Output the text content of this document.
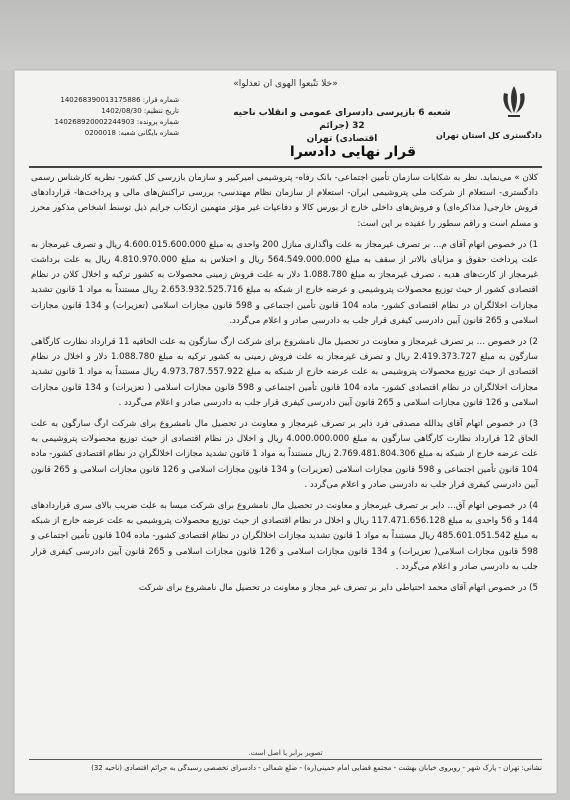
«خلا تتّبعوا الهوی ان تعدلوا»
دادگستری کل استان تهران
شعبه 6 بازپرسی دادسرای عمومی و انقلاب ناحیه 32 (جرائم
اقتصادی) تهران
قرار نهایی دادسرا
شماره قرار: 140268390013175886
تاریخ تنظیم: 1402/08/30
شماره پرونده: 140268920002244903
شماره بایگانی شعبه: 0200018

کلان » می‌نماید. نظر به شکایات سازمان تأمین اجتماعی- بانک رفاه- پتروشیمی امیرکبیر و سازمان بازرسی کل کشور- نظریه کارشناس رسمی دادگستری- استعلام از شرکت ملی پتروشیمی ایران- استعلام از سازمان نظام مهندسی- بررسی تراکنش‌های مالی و پرداخت‌ها- قراردادهای فروش خارجی( مذاکره‌ای) و فروش‌های داخلی خارج از بورس کالا و دفاعیات غیر مؤثر متهمین ارتکاب جرایم ذیل توسط اشخاص مذکور محرز و مسلم است و راقم سطور را عقیده بر این است:

1) در خصوص اتهام آقای م… بر تصرف غیرمجاز به علت واگذاری منازل 200 واحدی به مبلغ 4.600.015.600.000 ریال و تصرف غیرمجاز به علت پرداخت حقوق و مزایای بالاتر از سقف به مبلغ 564.549.000.000 ریال و اختلاس به مبلغ 4.810.970.000 ریال به علت برداشت غیرمجاز از کارت‌های هدیه ، تصرف غیرمجاز به مبلغ 1.088.780 دلار به علت فروش زمینی محصولات به کشور ترکیه و اخلال کلان در نظام اقتصادی کشور از حیث توزیع محصولات پتروشیمی و عرضه خارج از شبکه به مبلغ 2.653.932.525.716 ریال مستنداً به مواد 1 قانون تشدید مجازات اخلالگران در نظام اقتصادی کشور- ماده 104 قانون تأمین اجتماعی و 598 قانون مجازات اسلامی (تعزیرات) و 134 قانون مجازات اسلامی و 265 قانون آیین دادرسی کیفری قرار جلب به دادرسی صادر و اعلام می‌گردد.

2) در خصوص … بر تصرف غیرمجاز و معاونت در تحصیل مال نامشروع برای شرکت ارگ سارگون به علت الحاقیه 11 قرارداد نظارت کارگاهی سارگون به مبلغ 2.419.373.727 ریال و تصرف غیرمجاز به علت فروش زمینی به کشور ترکیه به مبلغ 1.088.780 دلار و اخلال در نظام اقتصادی از حیث توزیع محصولات پتروشیمی به علت عرضه خارج از شبکه به مبلغ 4.973.787.557.922 ریال مستنداً به مواد 1 قانون تشدید مجازات اخلالگران در نظام اقتصادی کشور- ماده 104 قانون تأمین اجتماعی و 598 قانون مجازات اسلامی ( تعزیرات) و 134 قانون مجازات اسلامی و 126 قانون مجازات اسلامی و 265 قانون آیین دادرسی کیفری قرار جلب به دادرسی صادر و اعلام می‌گردد .

3) در خصوص اتهام آقای یدالله مصدقی فرد دایر بر تصرف غیرمجاز و معاونت در تحصیل مال نامشروع برای شرکت ارگ سارگون به علت الحاق 12 قرارداد نظارت کارگاهی سارگون به مبلغ 4.000.000.000 ریال و اخلال در نظام اقتصادی از حیث توزیع محصولات پتروشیمی به علت عرضه خارج از شبکه به مبلغ 2.769.481.804.306 ریال مستنداً به مواد 1 قانون تشدید مجازات اخلالگران در نظام اقتصادی کشور- ماده 104 قانون تأمین اجتماعی و 598 قانون مجازات اسلامی (تعزیرات) و 134 قانون مجازات اسلامی و 126 قانون مجازات اسلامی و 265 قانون آیین دادرسی کیفری قرار جلب به دادرسی صادر و اعلام می‌گردد .

4) در خصوص اتهام آق… دایر بر تصرف غیرمجاز و معاونت در تحصیل مال نامشروع برای شرکت میسا به علت ضریب بالای سری قراردادهای 144 و 56 واحدی به مبلغ 117.471.656.128 ریال و اخلال در نظام اقتصادی از حیث توزیع محصولات پتروشیمی به علت عرضه خارج از شبکه به مبلغ 485.601.051.542 ریال مستنداً به مواد 1 قانون تشدید مجازات اخلالگران در نظام اقتصادی کشور- ماده 104 قانون تأمین اجتماعی و 598 قانون مجازات اسلامی( تعزیرات) و 134 قانون مجازات اسلامی و 126 قانون مجازات اسلامی و 265 قانون آیین دادرسی کیفری قرار جلب به دادرسی صادر و اعلام می‌گردد .

5) در خصوص اتهام آقای محمد احتیاطی دایر بر تصرف غیر مجاز و معاونت در تحصیل مال نامشروع برای شرکت

تصویر برابر با اصل است.
نشانی: تهران - پارک شهر - روبروی خیابان بهشت - مجتمع قضایی امام خمینی(ره) - ضلع شمالی - دادسرای تخصصی رسیدگی به جرائم اقتصادی (ناحیه 32)
